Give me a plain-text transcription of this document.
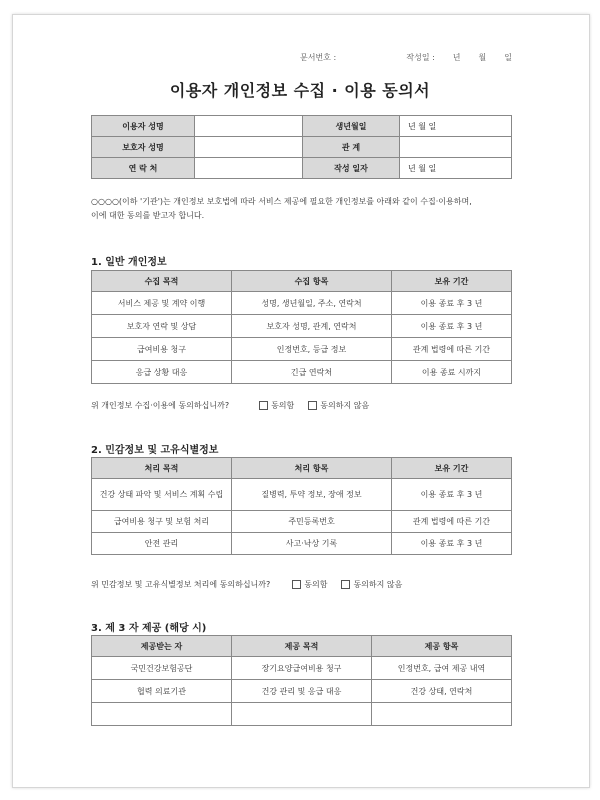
문서번호 :	작성일 : 년 월 일
이용자 개인정보 수집 · 이용 동의서
이용자 성명		생년월일	년 월 일
보호자 성명		관 계	
연 락 처		작성 일자	년 월 일
○○○○(이하 '기관')는 개인정보 보호법에 따라 서비스 제공에 필요한 개인정보를 아래와 같이 수집·이용하며,
이에 대한 동의를 받고자 합니다.
1. 일반 개인정보
수집 목적	수집 항목	보유 기간
서비스 제공 및 계약 이행	성명, 생년월일, 주소, 연락처	이용 종료 후 3 년
보호자 연락 및 상담	보호자 성명, 관계, 연락처	이용 종료 후 3 년
급여비용 청구	인정번호, 등급 정보	관계 법령에 따른 기간
응급 상황 대응	긴급 연락처	이용 종료 시까지
위 개인정보 수집·이용에 동의하십니까?	동의함	동의하지 않음
2. 민감정보 및 고유식별정보
처리 목적	처리 항목	보유 기간
건강 상태 파악 및 서비스 계획 수립	질병력, 투약 정보, 장애 정보	이용 종료 후 3 년
급여비용 청구 및 보험 처리	주민등록번호	관계 법령에 따른 기간
안전 관리	사고·낙상 기록	이용 종료 후 3 년
위 민감정보 및 고유식별정보 처리에 동의하십니까?	동의함	동의하지 않음
3. 제 3 자 제공 (해당 시)
제공받는 자	제공 목적	제공 항목
국민건강보험공단	장기요양급여비용 청구	인정번호, 급여 제공 내역
협력 의료기관	건강 관리 및 응급 대응	건강 상태, 연락처
